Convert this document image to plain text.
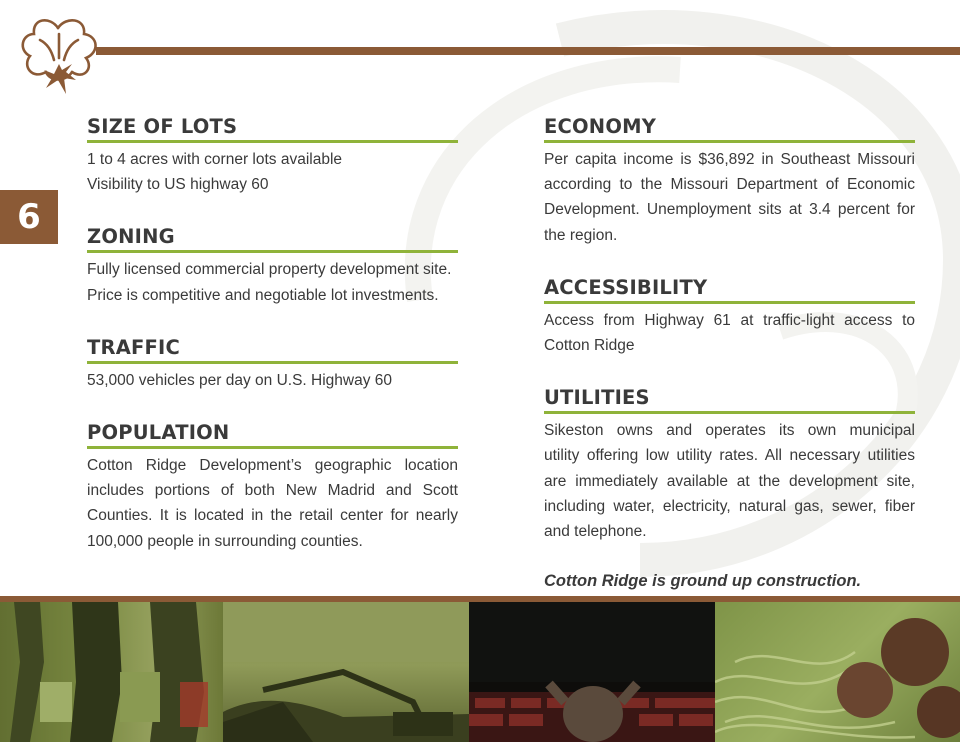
6
SIZE OF LOTS

1 to 4 acres with corner lots available
Visibility to US highway 60

ZONING

Fully licensed commercial property development site.
Price is competitive and negotiable lot investments.

TRAFFIC

53,000 vehicles per day on U.S. Highway 60

POPULATION

Cotton Ridge Development’s geographic location
includes portions of both New Madrid and Scott
Counties. It is located in the retail center for nearly
100,000 people in surrounding counties.

ECONOMY

Per capita income is $36,892 in Southeast Missouri
according to the Missouri Department of Economic
Development. Unemployment sits at 3.4 percent for
the region.

ACCESSIBILITY

Access from Highway 61 at traffic-light access to
Cotton Ridge

UTILITIES

Sikeston owns and operates its own municipal
utility offering low utility rates. All necessary utilities
are immediately available at the development site,
including water, electricity, natural gas, sewer, fiber
and telephone.

Cotton Ridge is ground up construction.
